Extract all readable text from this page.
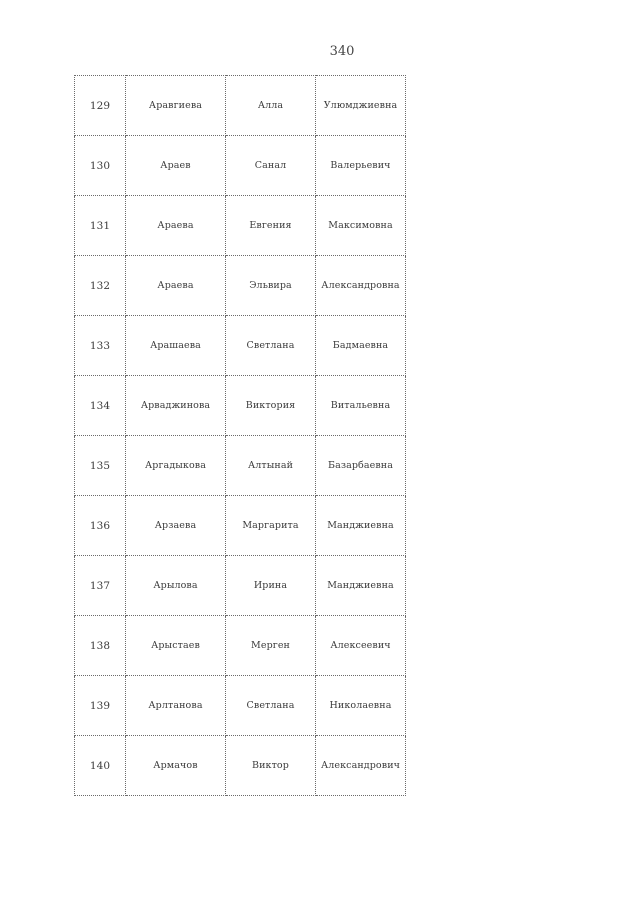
340
129	Аравгиева	Алла	Улюмджиевна
130	Араев	Санал	Валерьевич
131	Араева	Евгения	Максимовна
132	Араева	Эльвира	Александровна
133	Арашаева	Светлана	Бадмаевна
134	Арваджинова	Виктория	Витальевна
135	Аргадыкова	Алтынай	Базарбаевна
136	Арзаева	Маргарита	Манджиевна
137	Арылова	Ирина	Манджиевна
138	Арыстаев	Мерген	Алексеевич
139	Арлтанова	Светлана	Николаевна
140	Армачов	Виктор	Александрович
